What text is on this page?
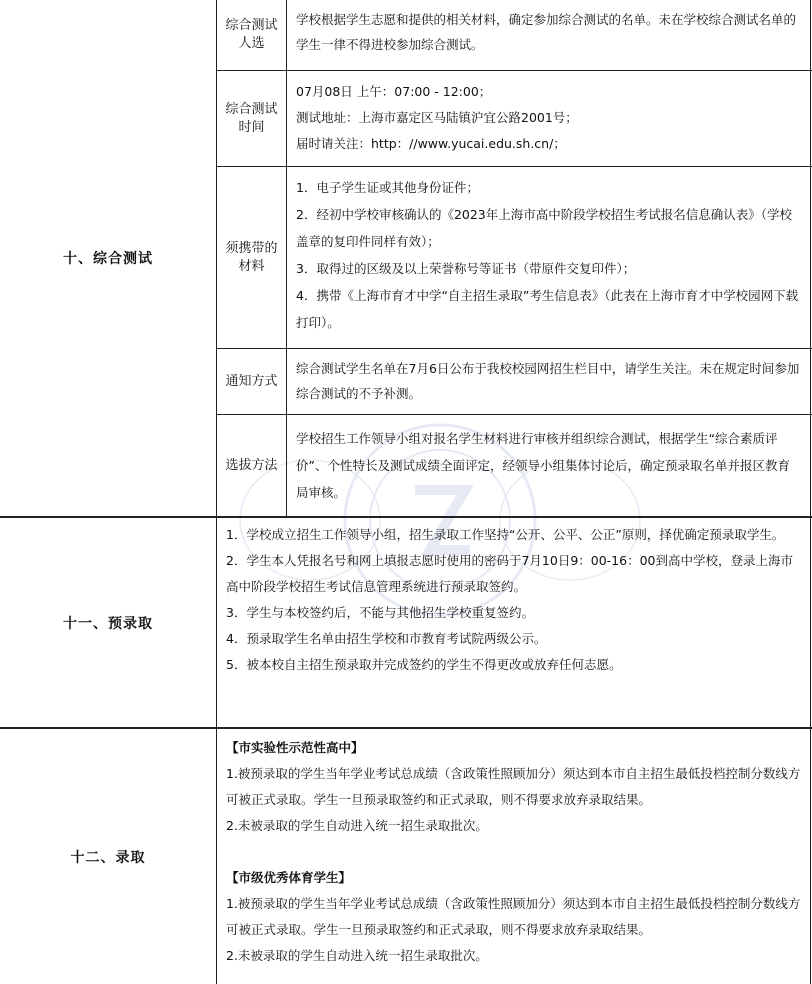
十、综合测试
综合测试人选

学校根据学生志愿和提供的相关材料，确定参加综合测试的名单。未在学校综合测试名单的学生一律不得进校参加综合测试。

综合测试时间

07月08日 上午：07:00 - 12:00；

测试地址：上海市嘉定区马陆镇沪宜公路2001号；

届时请关注：http：//www.yucai.edu.sh.cn/；

须携带的材料

1．电子学生证或其他身份证件；

2．经初中学校审核确认的《2023年上海市高中阶段学校招生考试报名信息确认表》（学校盖章的复印件同样有效）；

3．取得过的区级及以上荣誉称号等证书（带原件交复印件）；

4．携带《上海市育才中学“自主招生录取”考生信息表》（此表在上海市育才中学校园网下载打印）。

通知方式

综合测试学生名单在7月6日公布于我校校园网招生栏目中，请学生关注。未在规定时间参加综合测试的不予补测。

选拔方法

学校招生工作领导小组对报名学生材料进行审核并组织综合测试，根据学生“综合素质评价”、个性特长及测试成绩全面评定，经领导小组集体讨论后，确定预录取名单并报区教育局审核。

十一、预录取

1．学校成立招生工作领导小组，招生录取工作坚持“公开、公平、公正”原则，择优确定预录取学生。

2．学生本人凭报名号和网上填报志愿时使用的密码于7月10日9：00-16：00到高中学校，登录上海市高中阶段学校招生考试信息管理系统进行预录取签约。

3．学生与本校签约后，不能与其他招生学校重复签约。

4．预录取学生名单由招生学校和市教育考试院两级公示。

5．被本校自主招生预录取并完成签约的学生不得更改或放弃任何志愿。

十二、录取

【市实验性示范性高中】

1.被预录取的学生当年学业考试总成绩（含政策性照顾加分）须达到本市自主招生最低投档控制分数线方可被正式录取。学生一旦预录取签约和正式录取，则不得要求放弃录取结果。

2.未被录取的学生自动进入统一招生录取批次。

【市级优秀体育学生】

1.被预录取的学生当年学业考试总成绩（含政策性照顾加分）须达到本市自主招生最低投档控制分数线方可被正式录取。学生一旦预录取签约和正式录取，则不得要求放弃录取结果。

2.未被录取的学生自动进入统一招生录取批次。
